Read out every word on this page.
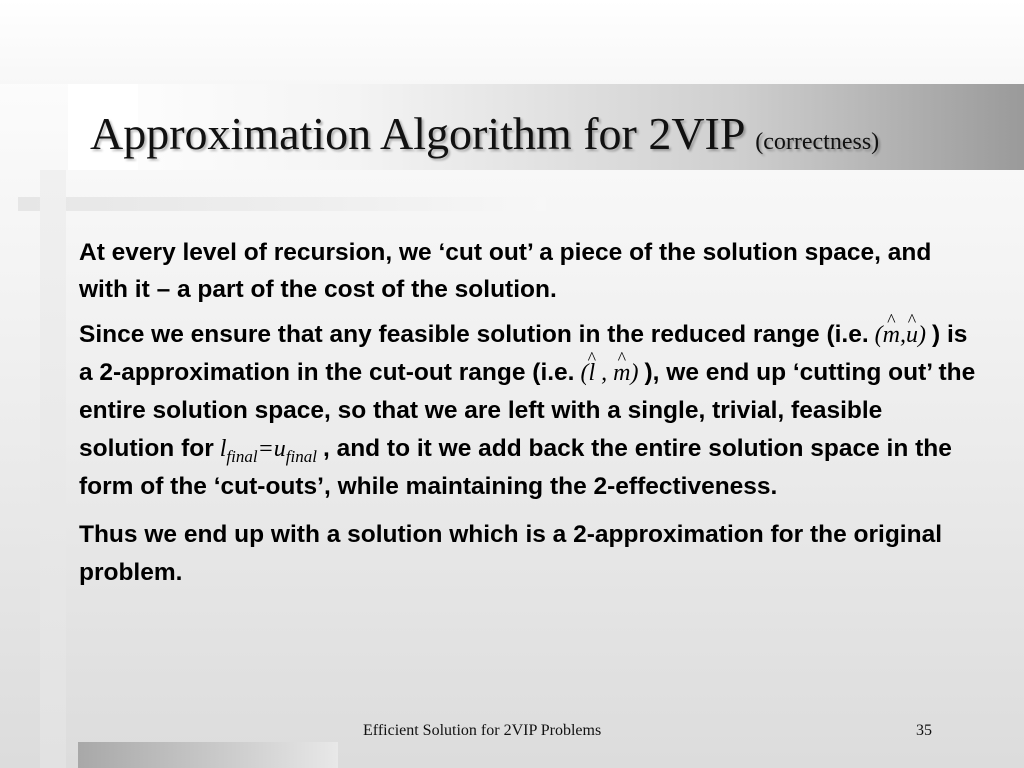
Approximation Algorithm for 2VIP (correctness)

At every level of recursion, we ‘cut out’ a piece of the solution space, and with it – a part of the cost of the solution.

Since we ensure that any feasible solution in the reduced range (i.e. (^ m,^ u) ) is a 2-approximation in the cut-out range (i.e. (^ l , ^ m) ), we end up ‘cutting out’ the entire solution space, so that we are left with a single, trivial, feasible solution for $l_{final}=u_{final}$ , and to it we add back the entire solution space in the form of the ‘cut-outs’, while maintaining the 2-effectiveness.

Thus we end up with a solution which is a 2-approximation for the original problem.

Efficient Solution for 2VIP Problems	35
